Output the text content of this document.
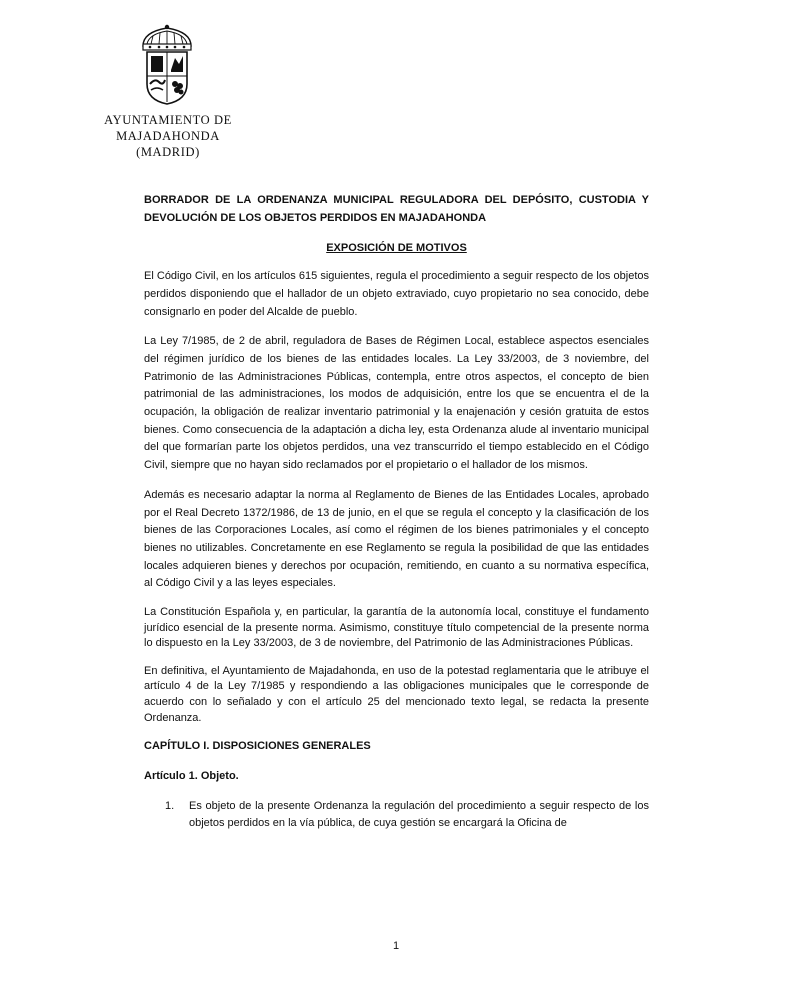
AYUNTAMIENTO DE
MAJADAHONDA
(MADRID)

BORRADOR DE LA ORDENANZA MUNICIPAL REGULADORA DEL DEPÓSITO, CUSTODIA Y DEVOLUCIÓN DE LOS OBJETOS PERDIDOS EN MAJADAHONDA

EXPOSICIÓN DE MOTIVOS

El Código Civil, en los artículos 615 siguientes, regula el procedimiento a seguir respecto de los objetos perdidos disponiendo que el hallador de un objeto extraviado, cuyo propietario no sea conocido, debe consignarlo en poder del Alcalde de pueblo.

La Ley 7/1985, de 2 de abril, reguladora de Bases de Régimen Local, establece aspectos esenciales del régimen jurídico de los bienes de las entidades locales. La Ley 33/2003, de 3 noviembre, del Patrimonio de las Administraciones Públicas, contempla, entre otros aspectos, el concepto de bien patrimonial de las administraciones, los modos de adquisición, entre los que se encuentra el de la ocupación, la obligación de realizar inventario patrimonial y la enajenación y cesión gratuita de estos bienes. Como consecuencia de la adaptación a dicha ley, esta Ordenanza alude al inventario municipal del que formarían parte los objetos perdidos, una vez transcurrido el tiempo establecido en el Código Civil, siempre que no hayan sido reclamados por el propietario o el hallador de los mismos.

Además es necesario adaptar la norma al Reglamento de Bienes de las Entidades Locales, aprobado por el Real Decreto 1372/1986, de 13 de junio, en el que se regula el concepto y la clasificación de los bienes de las Corporaciones Locales, así como el régimen de los bienes patrimoniales y el concepto bienes no utilizables. Concretamente en ese Reglamento se regula la posibilidad de que las entidades locales adquieren bienes y derechos por ocupación, remitiendo, en cuanto a su normativa específica, al Código Civil y a las leyes especiales.

La Constitución Española y, en particular, la garantía de la autonomía local, constituye el fundamento jurídico esencial de la presente norma. Asimismo, constituye título competencial de la presente norma lo dispuesto en la Ley 33/2003, de 3 de noviembre, del Patrimonio de las Administraciones Públicas.

En definitiva, el Ayuntamiento de Majadahonda, en uso de la potestad reglamentaria que le atribuye el artículo 4 de la Ley 7/1985 y respondiendo a las obligaciones municipales que le corresponde de acuerdo con lo señalado y con el artículo 25 del mencionado texto legal, se redacta la presente Ordenanza.

CAPÍTULO I. DISPOSICIONES GENERALES

Artículo 1. Objeto.

1. Es objeto de la presente Ordenanza la regulación del procedimiento a seguir respecto de los objetos perdidos en la vía pública, de cuya gestión se encargará la Oficina de

1
